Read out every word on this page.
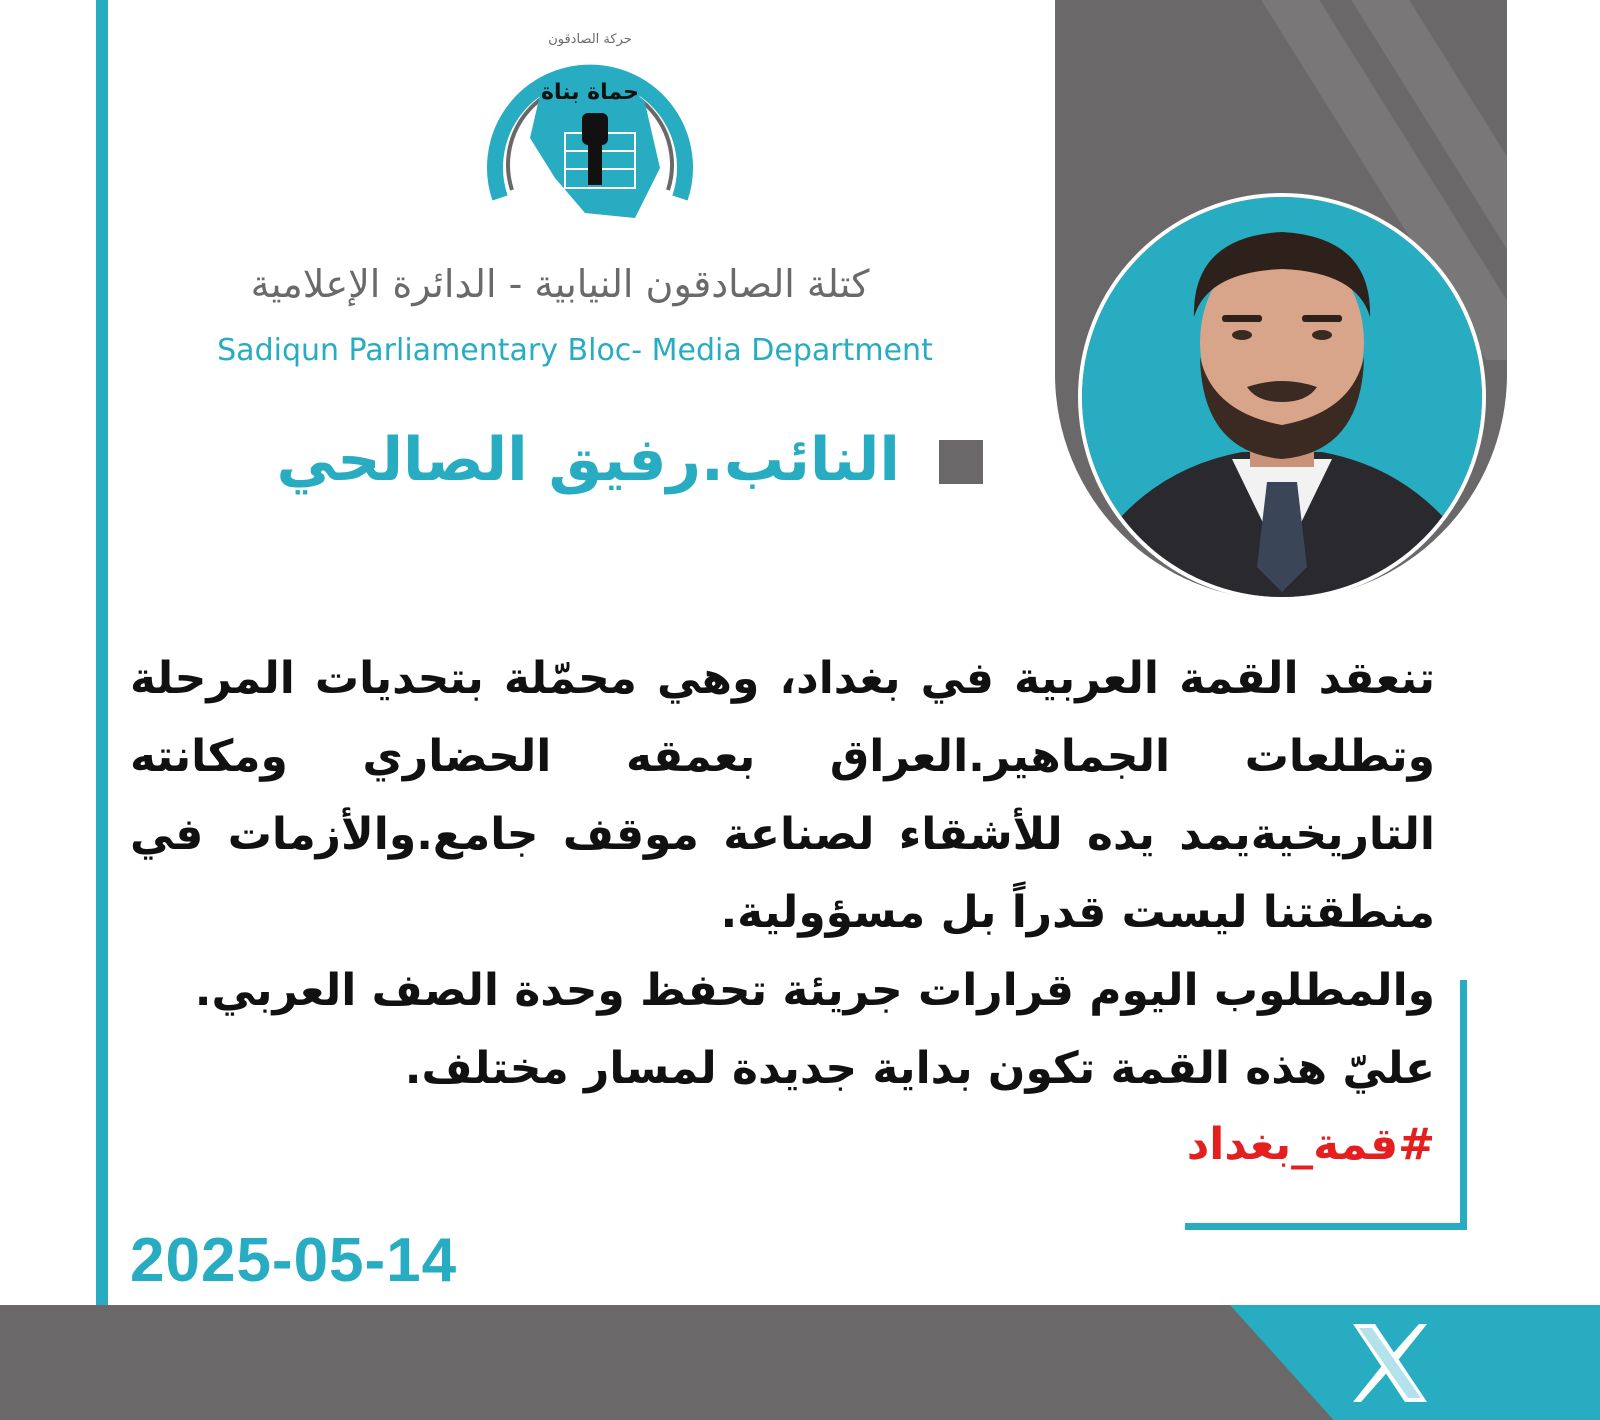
حماة بناة
حركة الصادقون
كتلة الصادقون النيابية - الدائرة الإعلامية
Sadiqun Parliamentary Bloc- Media Department
النائب.رفيق الصالحي

تنعقد القمة العربية في بغداد، وهي محمّلة بتحديات المرحلة وتطلعات الجماهير.العراق بعمقه الحضاري ومكانته التاريخيةيمد يده للأشقاء لصناعة موقف جامع.والأزمات في منطقتنا ليست قدراً بل مسؤولية.

والمطلوب اليوم قرارات جريئة تحفظ وحدة الصف العربي.

عليّ هذه القمة تكون بداية جديدة لمسار مختلف.

#قمة_بغداد
2025-05-14
